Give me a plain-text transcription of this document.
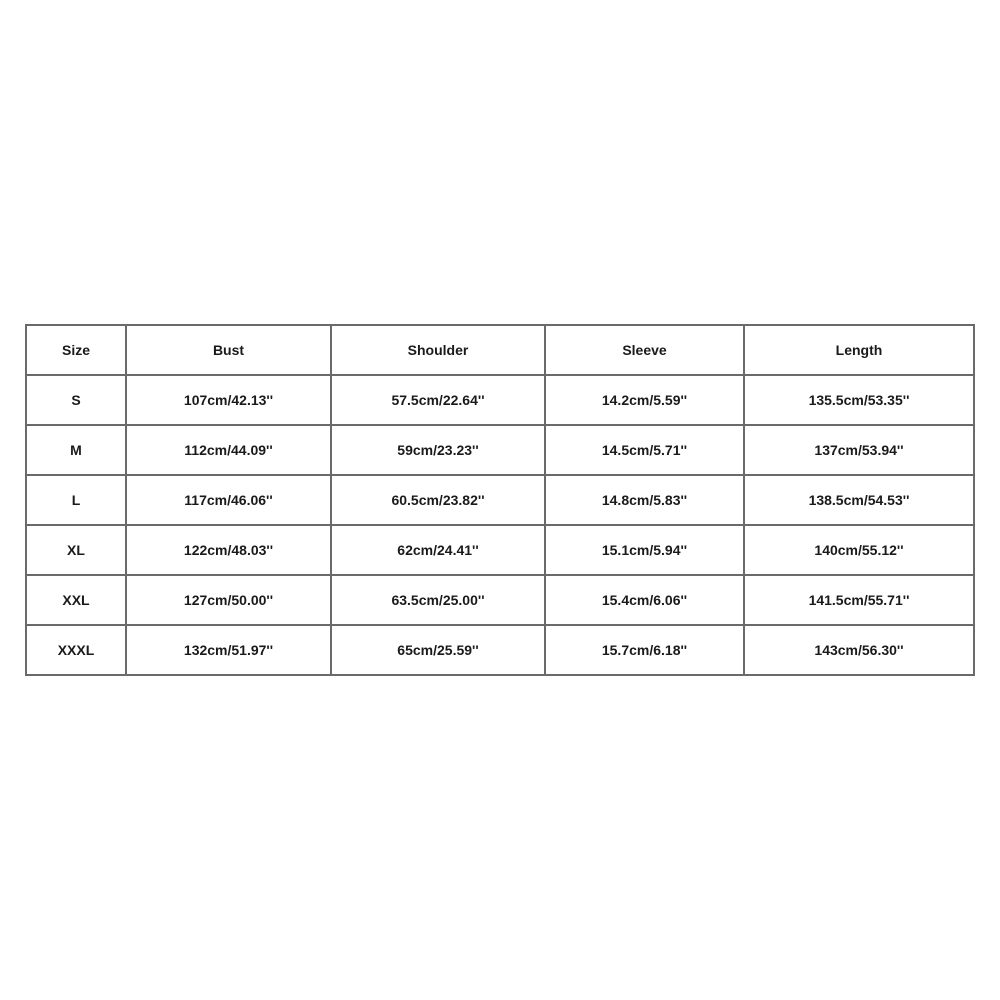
Size	Bust	Shoulder	Sleeve	Length
S	107cm/42.13''	57.5cm/22.64''	14.2cm/5.59''	135.5cm/53.35''
M	112cm/44.09''	59cm/23.23''	14.5cm/5.71''	137cm/53.94''
L	117cm/46.06''	60.5cm/23.82''	14.8cm/5.83''	138.5cm/54.53''
XL	122cm/48.03''	62cm/24.41''	15.1cm/5.94''	140cm/55.12''
XXL	127cm/50.00''	63.5cm/25.00''	15.4cm/6.06''	141.5cm/55.71''
XXXL	132cm/51.97''	65cm/25.59''	15.7cm/6.18''	143cm/56.30''
